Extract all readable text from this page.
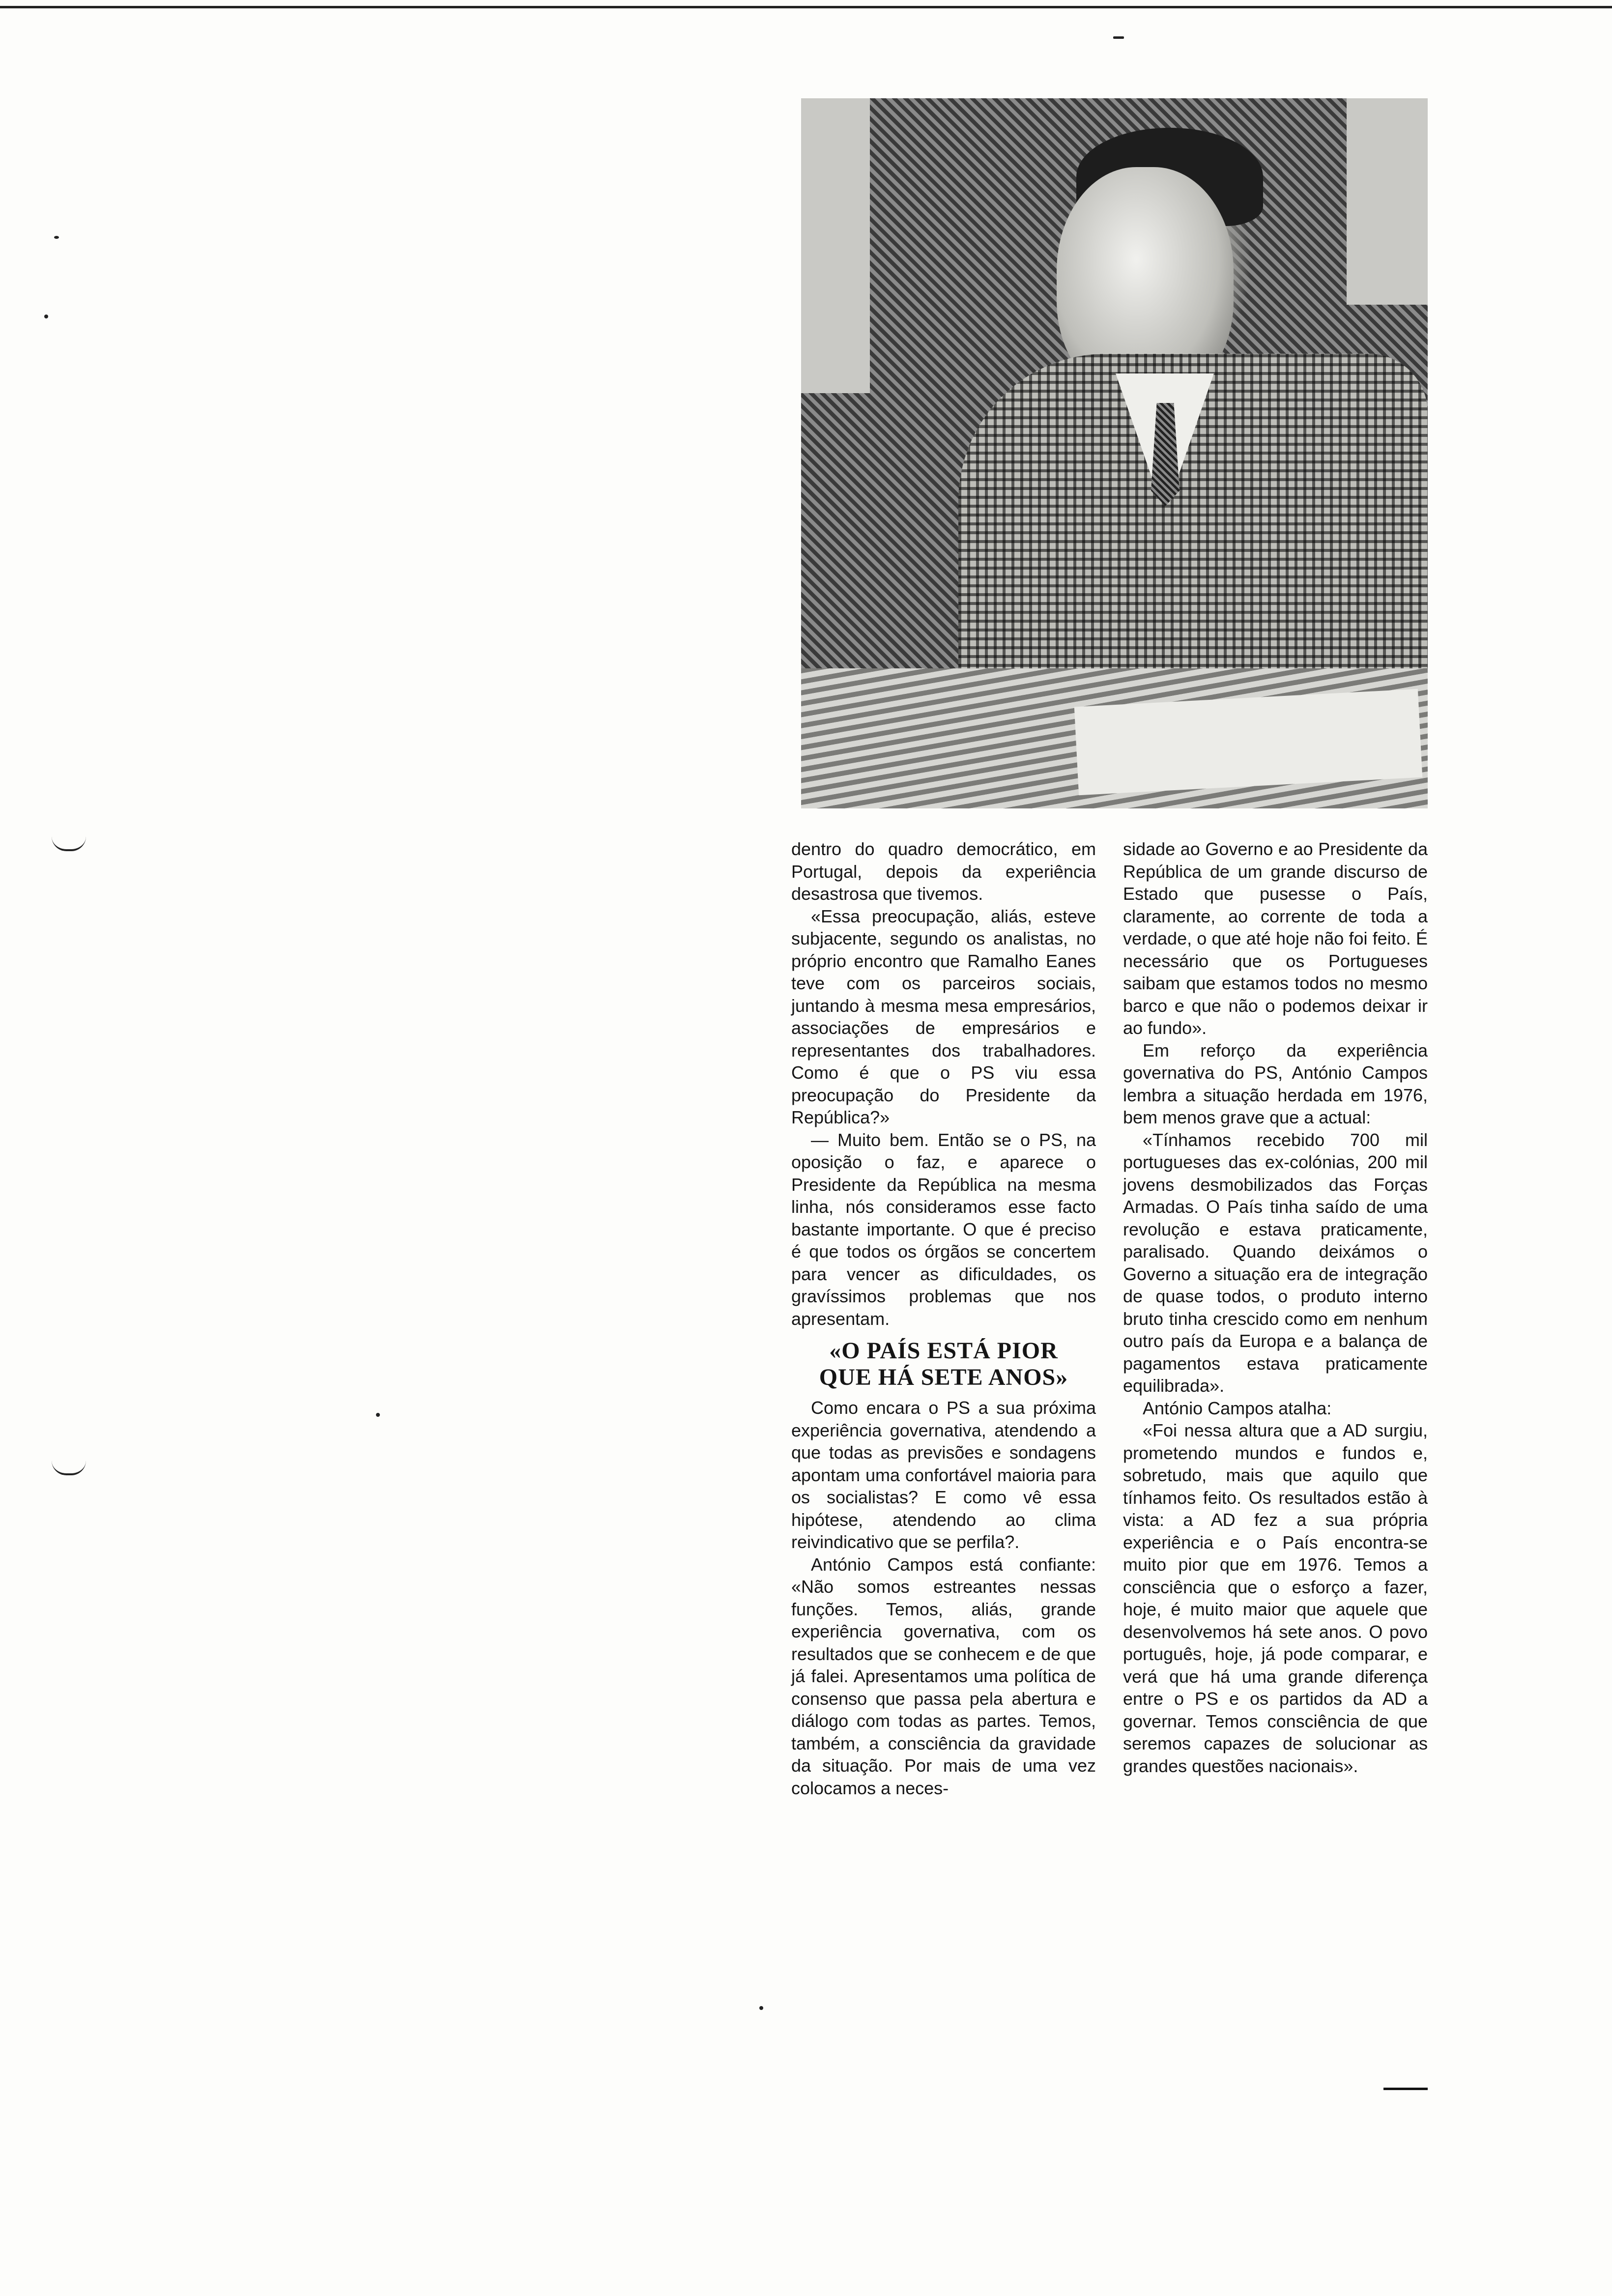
dentro do quadro democrático, em Portugal, depois da experiência desastrosa que tivemos.

«Essa preocupação, aliás, esteve subjacente, segundo os analistas, no próprio encontro que Ramalho Eanes teve com os parceiros sociais, juntando à mesma mesa empresários, associações de empresários e representantes dos trabalhadores. Como é que o PS viu essa preocupação do Presidente da República?»

— Muito bem. Então se o PS, na oposição o faz, e aparece o Presidente da República na mesma linha, nós consideramos esse facto bastante importante. O que é preciso é que todos os órgãos se concertem para vencer as dificuldades, os gravíssimos problemas que nos apresentam.

«O PAÍS ESTÁ PIOR
QUE HÁ SETE ANOS»

Como encara o PS a sua próxima experiência governativa, atendendo a que todas as previsões e sondagens apontam uma confortável maioria para os socialistas? E como vê essa hipótese, atendendo ao clima reivindicativo que se perfila?.

António Campos está confiante: «Não somos estreantes nessas funções. Temos, aliás, grande experiência governativa, com os resultados que se conhecem e de que já falei. Apresentamos uma política de consenso que passa pela abertura e diálogo com todas as partes. Temos, também, a consciência da gravidade da situação. Por mais de uma vez colocamos a neces-

sidade ao Governo e ao Presidente da República de um grande discurso de Estado que pusesse o País, claramente, ao corrente de toda a verdade, o que até hoje não foi feito. É necessário que os Portugueses saibam que estamos todos no mesmo barco e que não o podemos deixar ir ao fundo».

Em reforço da experiência governativa do PS, António Campos lembra a situação herdada em 1976, bem menos grave que a actual:

«Tínhamos recebido 700 mil portugueses das ex-colónias, 200 mil jovens desmobilizados das Forças Armadas. O País tinha saído de uma revolução e estava praticamente, paralisado. Quando deixámos o Governo a situação era de integração de quase todos, o produto interno bruto tinha crescido como em nenhum outro país da Europa e a balança de pagamentos estava praticamente equilibrada».

António Campos atalha:

«Foi nessa altura que a AD surgiu, prometendo mundos e fundos e, sobretudo, mais que aquilo que tínhamos feito. Os resultados estão à vista: a AD fez a sua própria experiência e o País encontra-se muito pior que em 1976. Temos a consciência que o esforço a fazer, hoje, é muito maior que aquele que desenvolvemos há sete anos. O povo português, hoje, já pode comparar, e verá que há uma grande diferença entre o PS e os partidos da AD a governar. Temos consciência de que seremos capazes de solucionar as grandes questões nacionais».
